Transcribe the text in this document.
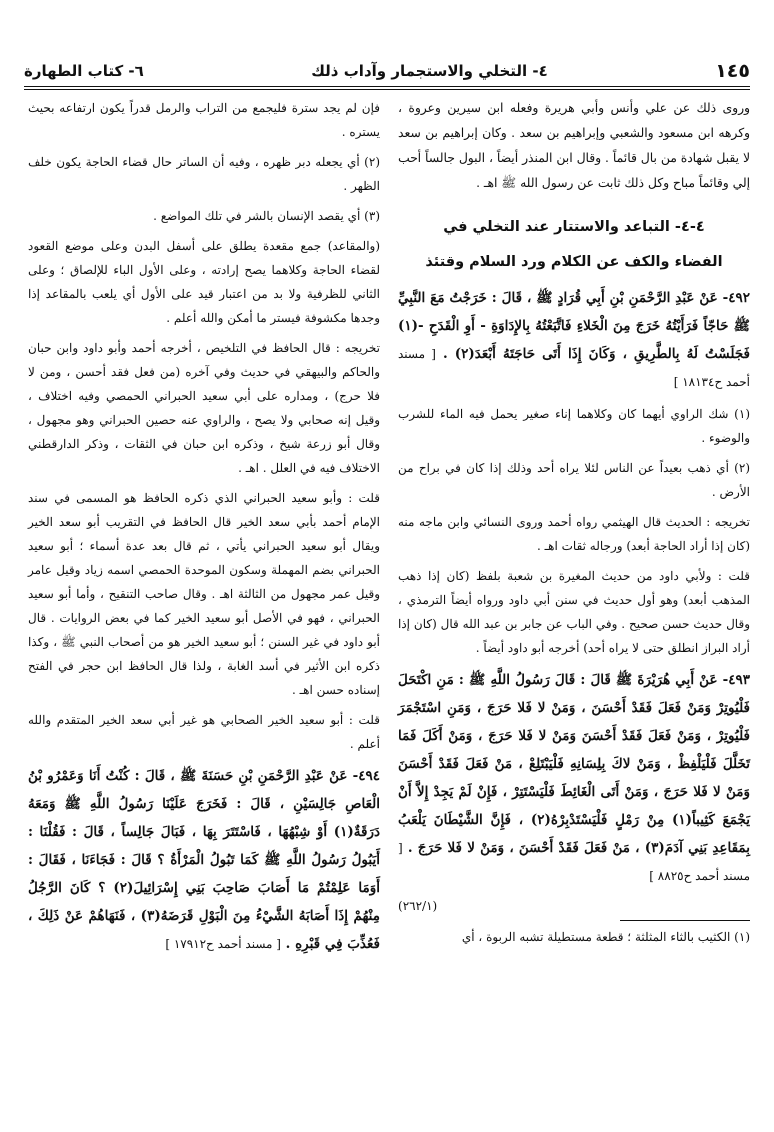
١٤٥
٤- التخلي والاستجمار وآداب ذلك
٦- كتاب الطهارة

وروى ذلك عن علي وأنس وأبي هريرة وفعله ابن سيرين وعروة ، وكرهه ابن مسعود والشعبي وإبراهيم بن سعد . وكان إبراهيم بن سعد لا يقبل شهادة من بال قائماً . وقال ابن المنذر أيضاً ، البول جالساً أحب إلي وقائماً مباح وكل ذلك ثابت عن رسول الله ﷺ اهـ .

٤-٤- التباعد والاستتار عند التخلي في
الفضاء والكف عن الكلام ورد السلام وقتئذ

٤٩٢- عَنْ عَبْدِ الرَّحْمَنِ بْنِ أَبِي قُرَادٍ ﷺ ، قَالَ : خَرَجْتُ مَعَ النَّبِيِّ ﷺ حَاجّاً فَرَأَيْتُهُ خَرَجَ مِنَ الْخَلاءِ فَاتَّبَعْتُهُ بِالإِدَاوَةِ - أَوِ الْقَدَحِ -(١) فَجَلَسْتُ لَهُ بِالطَّرِيقِ ، وَكَانَ إِذَا أَتَى حَاجَتَهُ أَبْعَدَ(٢) . [ مسند أحمد ح١٨١٣٤ ]

(١) شك الراوي أيهما كان وكلاهما إناء صغير يحمل فيه الماء للشرب والوضوء .

(٢) أي ذهب بعيداً عن الناس لئلا يراه أحد وذلك إذا كان في براح من الأرض .

تخريجه : الحديث قال الهيثمي رواه أحمد وروى النسائي وابن ماجه منه (كان إذا أراد الحاجة أبعد) ورجاله ثقات اهـ .

قلت : ولأبي داود من حديث المغيرة بن شعبة بلفظ (كان إذا ذهب المذهب أبعد) وهو أول حديث في سنن أبي داود ورواه أيضاً الترمذي ، وقال حديث حسن صحيح . وفي الباب عن جابر بن عبد الله قال (كان إذا أراد البراز انطلق حتى لا يراه أحد) أخرجه أبو داود أيضاً .

٤٩٣- عَنْ أَبِي هُرَيْرَةَ ﷺ قَالَ : قَالَ رَسُولُ اللَّهِ ﷺ : مَنِ اكْتَحَلَ فَلْيُوتِرْ وَمَنْ فَعَلَ فَقَدْ أَحْسَنَ ، وَمَنْ لا فَلا حَرَجَ ، وَمَنِ اسْتَجْمَرَ فَلْيُوتِرْ ، وَمَنْ فَعَلَ فَقَدْ أَحْسَنَ وَمَنْ لا فَلا حَرَجَ ، وَمَنْ أَكَلَ فَمَا تَخَلَّلَ فَلْيَلْفِظْ ، وَمَنْ لاكَ بِلِسَانِهِ فَلْيَبْتَلِعْ ، مَنْ فَعَلَ فَقَدْ أَحْسَنَ وَمَنْ لا فَلا حَرَجَ ، وَمَنْ أَتَى الْغَائِطَ فَلْيَسْتَتِرْ ، فَإِنْ لَمْ يَجِدْ إِلاَّ أَنْ يَجْمَعَ كَثِيباً(١) مِنْ رَمْلٍ فَلْيَسْتَدْبِرْهُ(٢) ، فَإِنَّ الشَّيْطَانَ يَلْعَبُ بِمَقَاعِدِ بَنِي آدَمَ(٣) ، مَنْ فَعَلَ فَقَدْ أَحْسَنَ ، وَمَنْ لا فَلا حَرَجَ . [ مسند أحمد ح٨٨٢٥ ]

(٢٦٢/١)

(١) الكثيب بالثاء المثلثة ؛ قطعة مستطيلة تشبه الربوة ، أي

فإن لم يجد سترة فليجمع من التراب والرمل قدراً يكون ارتفاعه بحيث يستره .

(٢) أي يجعله دبر ظهره ، وفيه أن الساتر حال قضاء الحاجة يكون خلف الظهر .

(٣) أي يقصد الإنسان بالشر في تلك المواضع .

(والمقاعد) جمع مقعدة يطلق على أسفل البدن وعلى موضع القعود لقضاء الحاجة وكلاهما يصح إرادته ، وعلى الأول الباء للإلصاق ؛ وعلى الثاني للظرفية ولا بد من اعتبار قيد على الأول أي يلعب بالمقاعد إذا وجدها مكشوفة فيستر ما أمكن والله أعلم .

تخريجه : قال الحافظ في التلخيص ، أخرجه أحمد وأبو داود وابن حبان والحاكم والبيهقي في حديث وفي آخره (من فعل فقد أحسن ، ومن لا فلا حرج) ، ومداره على أبي سعيد الحبراني الحمصي وفيه اختلاف ، وقيل إنه صحابي ولا يصح ، والراوي عنه حصين الحبراني وهو مجهول ، وقال أبو زرعة شيخ ، وذكره ابن حبان في الثقات ، وذكر الدارقطني الاختلاف فيه في العلل . اهـ .

قلت : وأبو سعيد الحبراني الذي ذكره الحافظ هو المسمى في سند الإمام أحمد بأبي سعد الخير قال الحافظ في التقريب أبو سعد الخير ويقال أبو سعيد الحبراني يأتي ، ثم قال بعد عدة أسماء ؛ أبو سعيد الحبراني بضم المهملة وسكون الموحدة الحمصي اسمه زياد وقيل عامر وقيل عمر مجهول من الثالثة اهـ . وقال صاحب التنقيح ، وأما أبو سعيد الحبراني ، فهو في الأصل أبو سعيد الخير كما في بعض الروايات . قال أبو داود في غير السنن ؛ أبو سعيد الخير هو من أصحاب النبي ﷺ ، وكذا ذكره ابن الأثير في أسد الغابة ، ولذا قال الحافظ ابن حجر في الفتح إسناده حسن اهـ .

قلت : أبو سعيد الخير الصحابي هو غير أبي سعد الخير المتقدم والله أعلم .

٤٩٤- عَنْ عَبْدِ الرَّحْمَنِ بْنِ حَسَنَةَ ﷺ ، قَالَ : كُنْتُ أَنَا وَعَمْرُو بْنُ الْعَاصِ جَالِسَيْنِ ، قَالَ : فَخَرَجَ عَلَيْنَا رَسُولُ اللَّهِ ﷺ وَمَعَهُ دَرَقَةٌ(١) أَوْ شِبْهُهَا ، فَاسْتَتَرَ بِهَا ، فَبَالَ جَالِساً ، قَالَ : فَقُلْنَا : أَيَبُولُ رَسُولُ اللَّهِ ﷺ كَمَا تَبُولُ الْمَرْأَةُ ؟ قَالَ : فَجَاءَنَا ، فَقَالَ : أَوَمَا عَلِمْتُمْ مَا أَصَابَ صَاحِبَ بَنِي إِسْرَائِيلَ(٢) ؟ كَانَ الرَّجُلُ مِنْهُمْ إِذَا أَصَابَهُ الشَّيْءُ مِنَ الْبَوْلِ قَرَضَهُ(٣) ، فَنَهَاهُمْ عَنْ ذَلِكَ ، فَعُذِّبَ فِي قَبْرِهِ . [ مسند أحمد ح١٧٩١٢ ]
